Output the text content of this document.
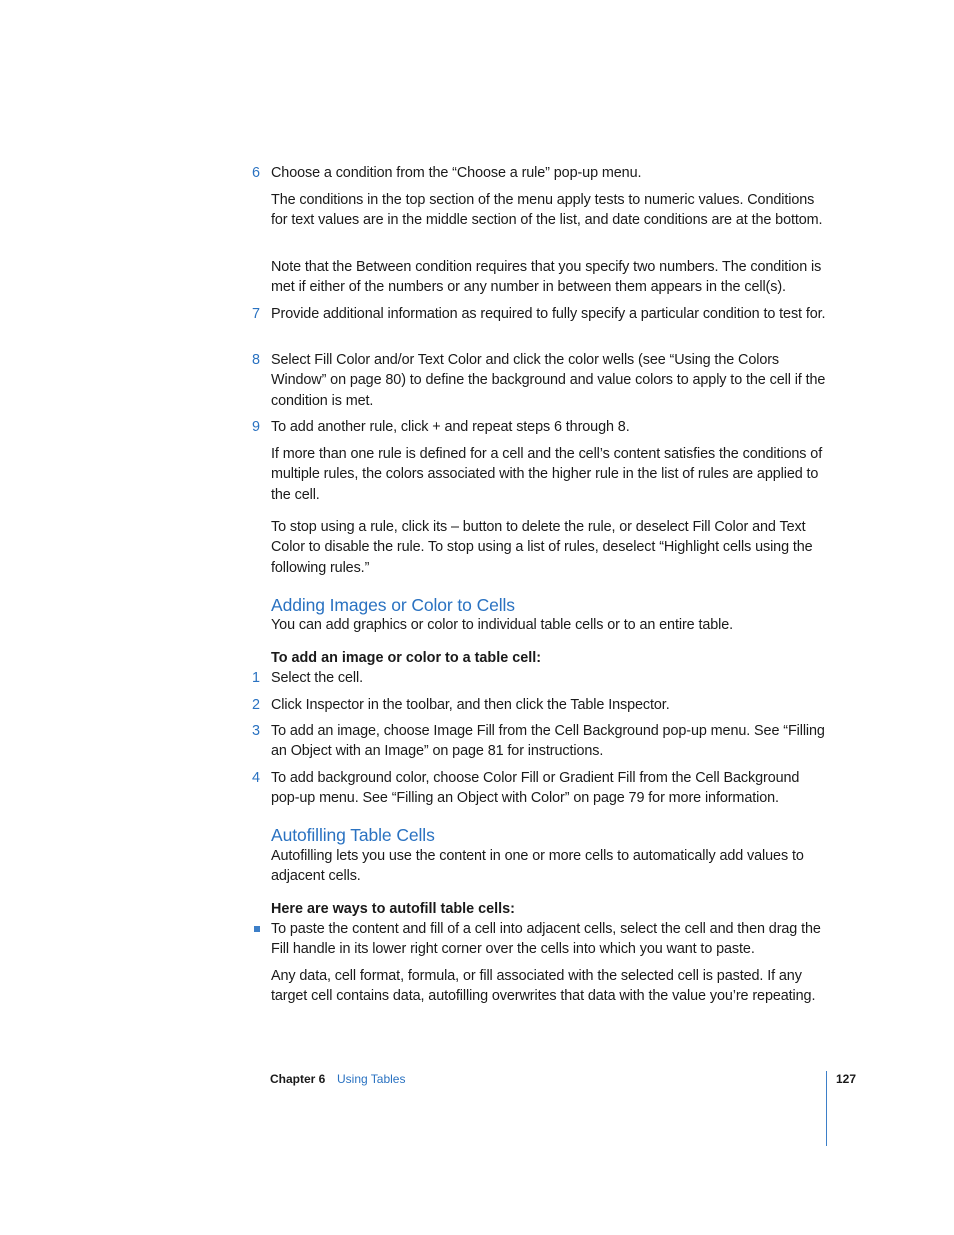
6 Choose a condition from the “Choose a rule” pop-up menu.
The conditions in the top section of the menu apply tests to numeric values. Conditions for text values are in the middle section of the list, and date conditions are at the bottom.
Note that the Between condition requires that you specify two numbers. The condition is met if either of the numbers or any number in between them appears in the cell(s).
7 Provide additional information as required to fully specify a particular condition to test for.
8 Select Fill Color and/or Text Color and click the color wells (see “Using the Colors Window” on page 80) to define the background and value colors to apply to the cell if the condition is met.
9 To add another rule, click + and repeat steps 6 through 8.
If more than one rule is defined for a cell and the cell’s content satisfies the conditions of multiple rules, the colors associated with the higher rule in the list of rules are applied to the cell.
To stop using a rule, click its – button to delete the rule, or deselect Fill Color and Text Color to disable the rule. To stop using a list of rules, deselect “Highlight cells using the following rules.”
Adding Images or Color to Cells
You can add graphics or color to individual table cells or to an entire table.
To add an image or color to a table cell:
1 Select the cell.
2 Click Inspector in the toolbar, and then click the Table Inspector.
3 To add an image, choose Image Fill from the Cell Background pop-up menu. See “Filling an Object with an Image” on page 81 for instructions.
4 To add background color, choose Color Fill or Gradient Fill from the Cell Background pop-up menu. See “Filling an Object with Color” on page 79 for more information.
Autofilling Table Cells
Autofilling lets you use the content in one or more cells to automatically add values to adjacent cells.
Here are ways to autofill table cells:
To paste the content and fill of a cell into adjacent cells, select the cell and then drag the Fill handle in its lower right corner over the cells into which you want to paste.
Any data, cell format, formula, or fill associated with the selected cell is pasted. If any target cell contains data, autofilling overwrites that data with the value you’re repeating.
Chapter 6 Using Tables	127
